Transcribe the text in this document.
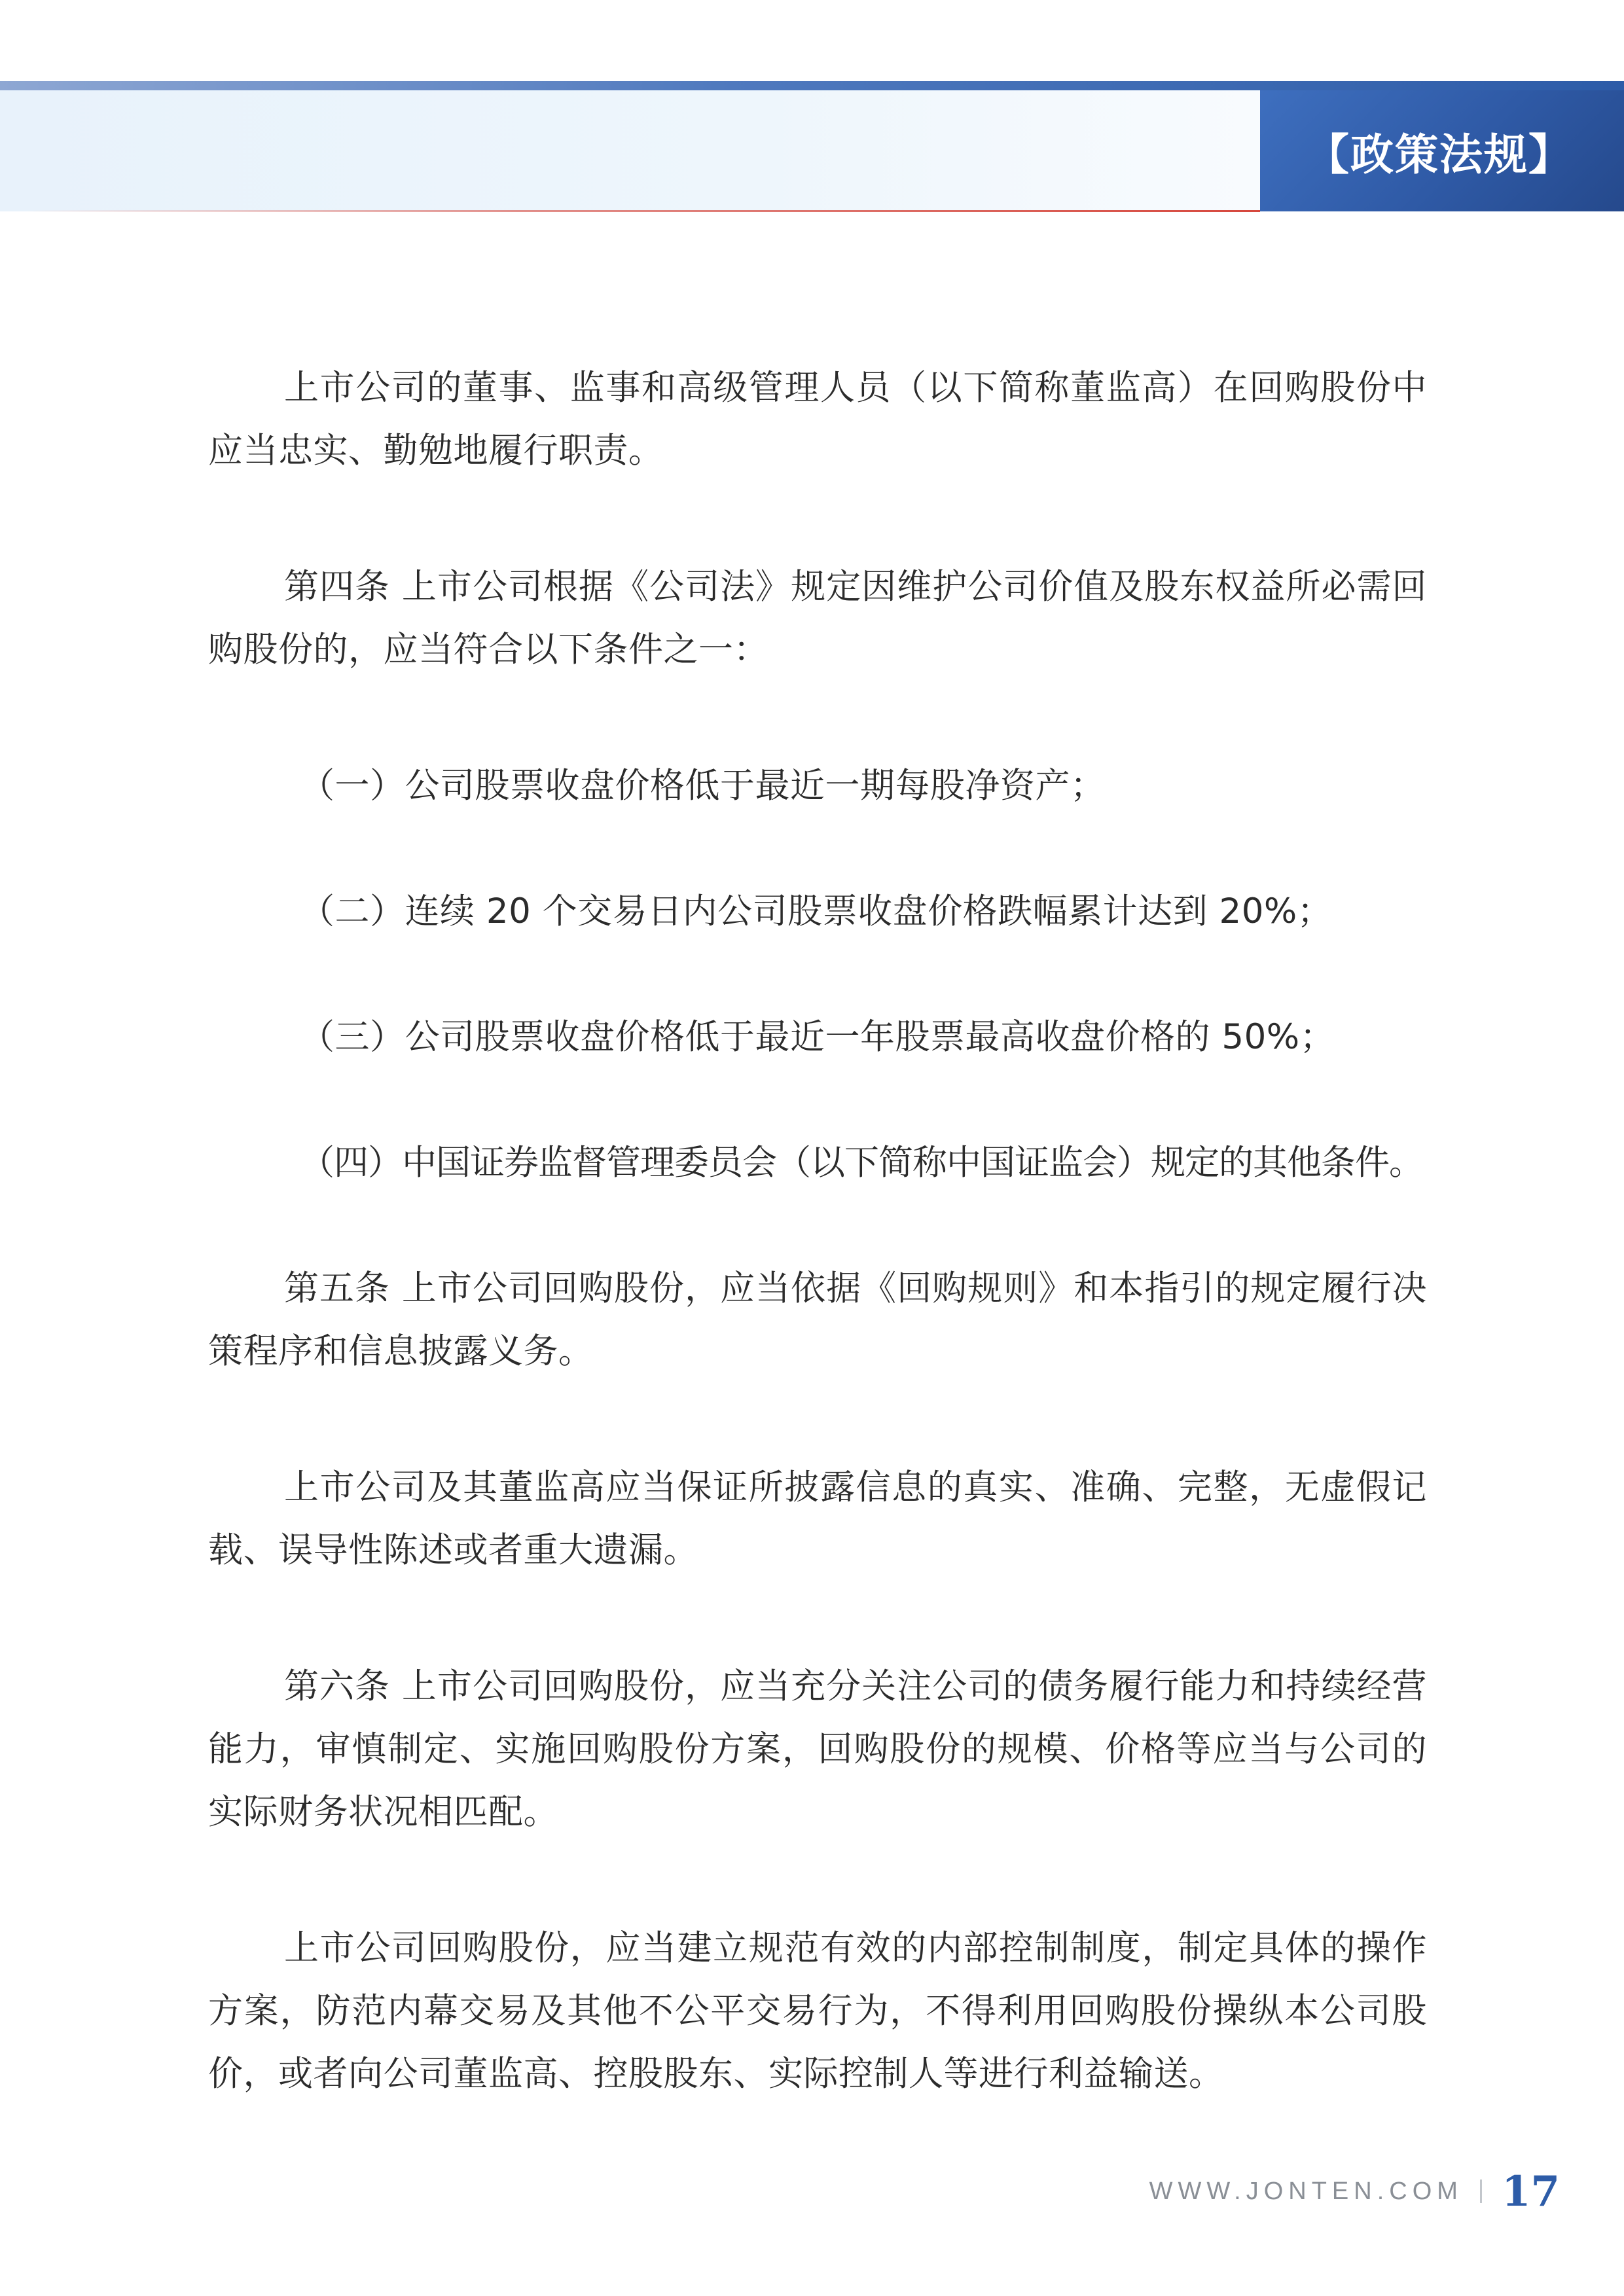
【政策法规】

上市公司的董事、监事和高级管理人员（以下简称董监高）在回购股份中应当忠实、勤勉地履行职责。

第四条 上市公司根据《公司法》规定因维护公司价值及股东权益所必需回购股份的，应当符合以下条件之一：

（一）公司股票收盘价格低于最近一期每股净资产；

（二）连续 20 个交易日内公司股票收盘价格跌幅累计达到 20%；

（三）公司股票收盘价格低于最近一年股票最高收盘价格的 50%；

（四）中国证券监督管理委员会（以下简称中国证监会）规定的其他条件。

第五条 上市公司回购股份，应当依据《回购规则》和本指引的规定履行决策程序和信息披露义务。

上市公司及其董监高应当保证所披露信息的真实、准确、完整，无虚假记载、误导性陈述或者重大遗漏。

第六条 上市公司回购股份，应当充分关注公司的债务履行能力和持续经营能力，审慎制定、实施回购股份方案，回购股份的规模、价格等应当与公司的实际财务状况相匹配。

上市公司回购股份，应当建立规范有效的内部控制制度，制定具体的操作方案，防范内幕交易及其他不公平交易行为，不得利用回购股份操纵本公司股价，或者向公司董监高、控股股东、实际控制人等进行利益输送。

WWW.JONTEN.COM 17
